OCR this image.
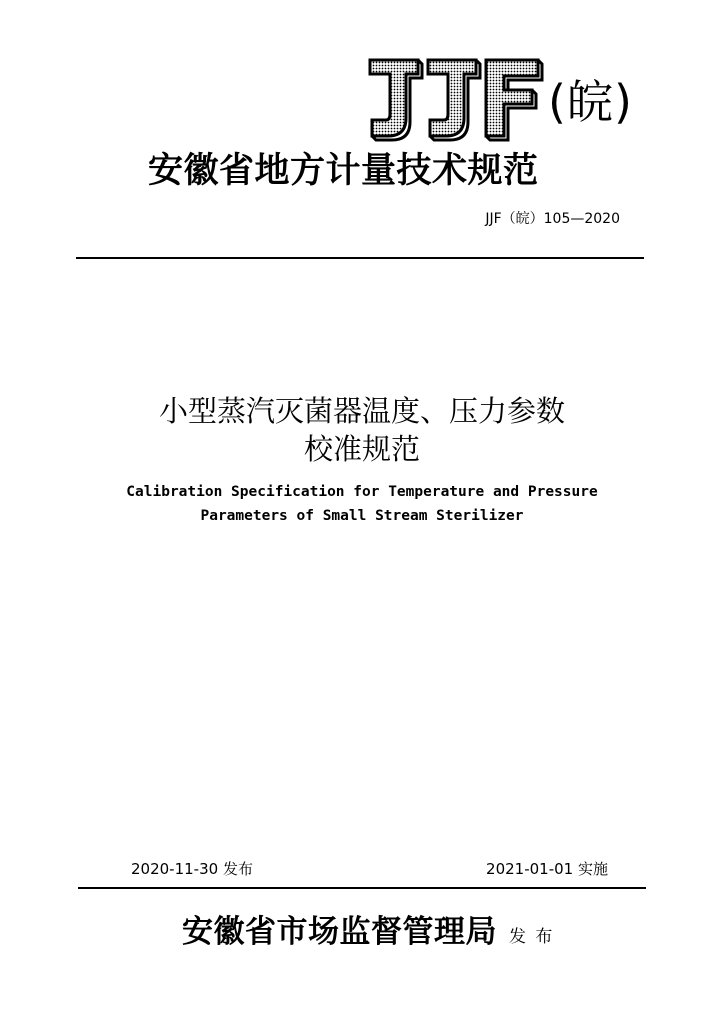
(皖)
安徽省地方计量技术规范
JJF（皖）105—2020
小型蒸汽灭菌器温度、压力参数
校准规范
Calibration Specification for Temperature and Pressure
Parameters of Small Stream Sterilizer
2020-11-30 发布	2021-01-01 实施
安徽省市场监督管理局 发 布
